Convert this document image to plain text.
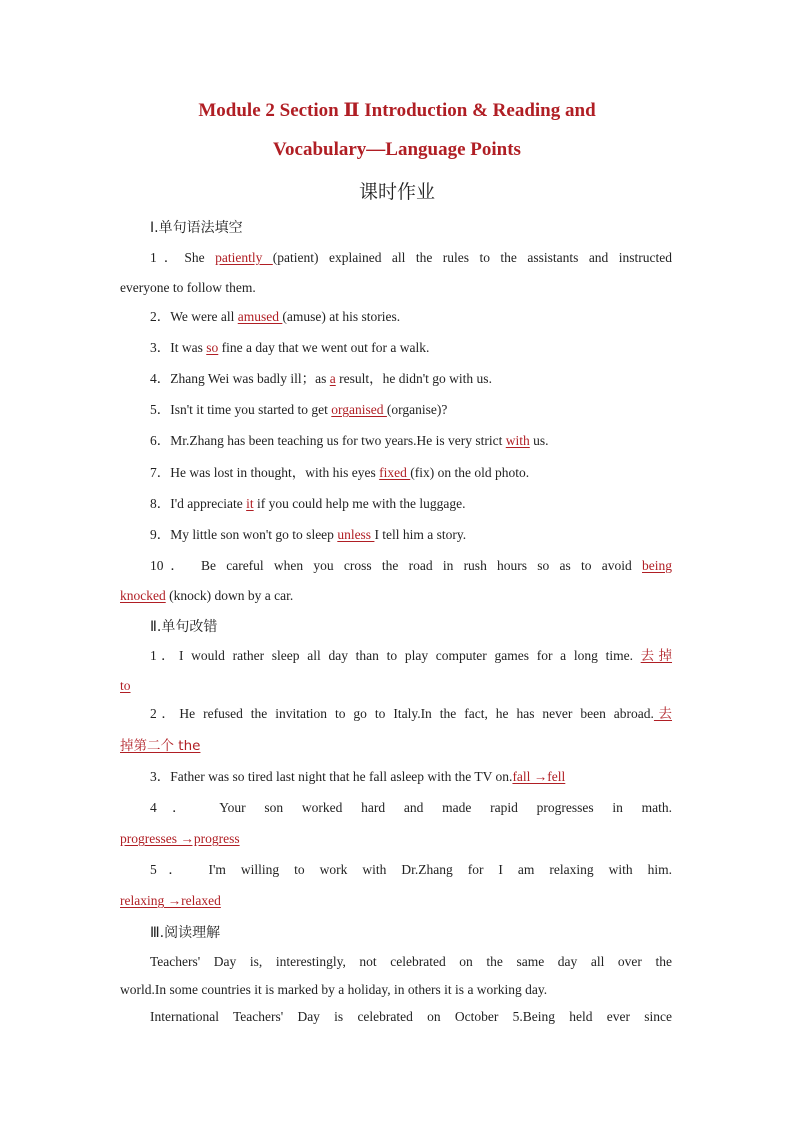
Module 2 Section Ⅱ Introduction & Reading and
Vocabulary—Language Points
课时作业
Ⅰ.单句语法填空
1．She patiently (patient) explained all the rules to the assistants and instructed
everyone to follow them.
2．We were all amused (amuse) at his stories.
3．It was so fine a day that we went out for a walk.
4．Zhang Wei was badly ill；as a result，he didn't go with us.
5．Isn't it time you started to get organised (organise)?
6．Mr.Zhang has been teaching us for two years.He is very strict with us.
7．He was lost in thought，with his eyes fixed (fix) on the old photo.
8．I'd appreciate it if you could help me with the luggage.
9．My little son won't go to sleep unless I tell him a story.
10． Be careful when you cross the road in rush hours so as to avoid being
knocked (knock) down by a car.
Ⅱ.单句改错
1．I would rather sleep all day than to play computer games for a long time. 去掉
to
2．He refused the invitation to go to Italy.In the fact, he has never been abroad.去
掉第二个 the
3．Father was so tired last night that he fall asleep with the TV on.fall →fell
4． Your son worked hard and made rapid progresses in math.
progresses →progress
5． I'm willing to work with Dr.Zhang for I am relaxing with him.
relaxing →relaxed
Ⅲ.阅读理解
Teachers' Day is, interestingly, not celebrated on the same day all over the
world.In some countries it is marked by a holiday, in others it is a working day.
International Teachers' Day is celebrated on October 5.Being held ever since
